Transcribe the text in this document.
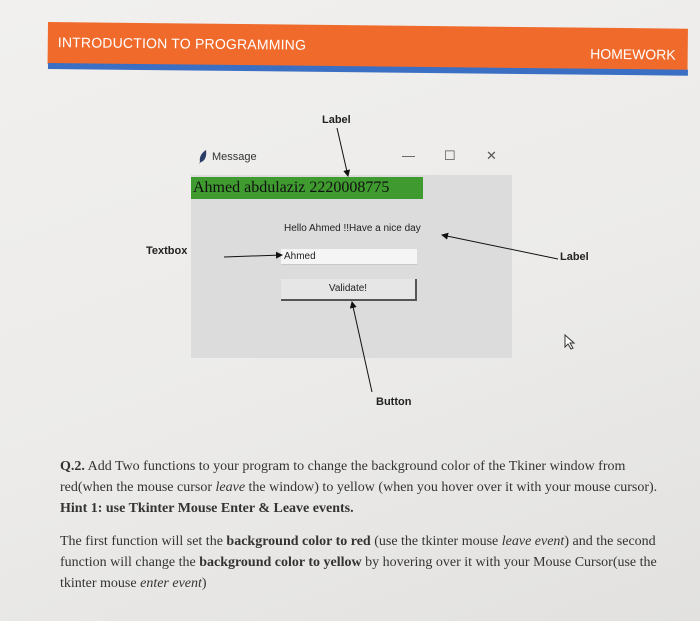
INTRODUCTION TO PROGRAMMING
HOMEWORK
Label
Textbox	Label
Button
Message	— ☐ ✕
Ahmed abdulaziz 2220008775
Hello Ahmed !!Have a nice day
Ahmed
Validate!

Q.2. Add Two functions to your program to change the background color of the Tkiner window from red(when the mouse cursor leave the window) to yellow (when you hover over it with your mouse cursor). Hint 1: use Tkinter Mouse Enter & Leave events.

The first function will set the background color to red (use the tkinter mouse leave event) and the second function will change the background color to yellow by hovering over it with your Mouse Cursor(use the tkinter mouse enter event)
